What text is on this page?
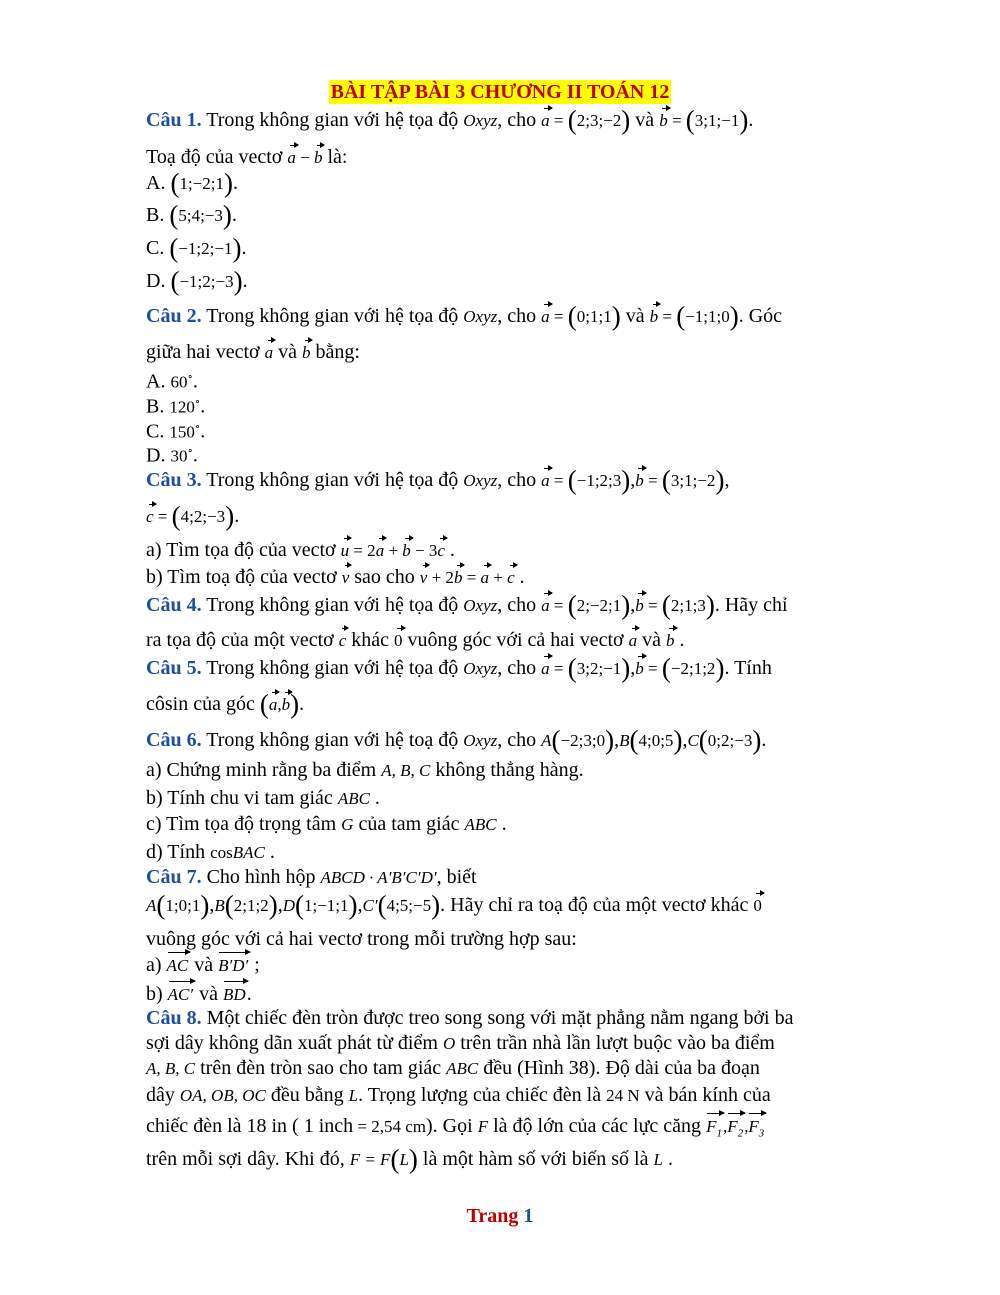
BÀI TẬP BÀI 3 CHƯƠNG II TOÁN 12
Câu 1. Trong không gian với hệ tọa độ Oxyz, cho a = (2;3;−2) và b = (3;1;−1).
Toạ độ của vectơ a − b là:
A. (1;−2;1).
B. (5;4;−3).
C. (−1;2;−1).
D. (−1;2;−3).
Câu 2. Trong không gian với hệ tọa độ Oxyz, cho a = (0;1;1) và b = (−1;1;0). Góc
giữa hai vectơ a và b bằng:
A. 60∘.
B. 120∘.
C. 150∘.
D. 30∘.
Câu 3. Trong không gian với hệ tọa độ Oxyz, cho a = (−1;2;3),b = (3;1;−2),
c = (4;2;−3).
a) Tìm tọa độ của vectơ u = 2a + b − 3c .
b) Tìm toạ độ của vectơ v sao cho v + 2b = a + c .
Câu 4. Trong không gian với hệ tọa độ Oxyz, cho a = (2;−2;1),b = (2;1;3). Hãy chỉ
ra tọa độ của một vectơ c khác 0 vuông góc với cả hai vectơ a và b .
Câu 5. Trong không gian với hệ tọa độ Oxyz, cho a = (3;2;−1),b = (−2;1;2). Tính
côsin của góc (a,b).
Câu 6. Trong không gian với hệ toạ độ Oxyz, cho A(−2;3;0),B(4;0;5),C(0;2;−3).
a) Chứng minh rằng ba điểm A, B, C không thẳng hàng.
b) Tính chu vi tam giác ABC .
c) Tìm tọa độ trọng tâm G của tam giác ABC .
d) Tính cosBAC .
Câu 7. Cho hình hộp ABCD · A′B′C′D′, biết
A(1;0;1),B(2;1;2),D(1;−1;1),C′(4;5;−5). Hãy chỉ ra toạ độ của một vectơ khác 0
vuông góc với cả hai vectơ trong mỗi trường hợp sau:
a) AC và B′D′ ;
b) AC′ và BD.
Câu 8. Một chiếc đèn tròn được treo song song với mặt phẳng nằm ngang bởi ba
sợi dây không dãn xuất phát từ điểm O trên trần nhà lần lượt buộc vào ba điểm
A, B, C trên đèn tròn sao cho tam giác ABC đều (Hình 38). Độ dài của ba đoạn
dây OA, OB, OC đều bằng L. Trọng lượng của chiếc đèn là 24 N và bán kính của
chiếc đèn là 18 in ( 1 inch = 2,54 cm). Gọi F là độ lớn của các lực căng $F_1,F_2,F_3$
trên mỗi sợi dây. Khi đó, F = F(L) là một hàm số với biến số là L .
Trang 1
